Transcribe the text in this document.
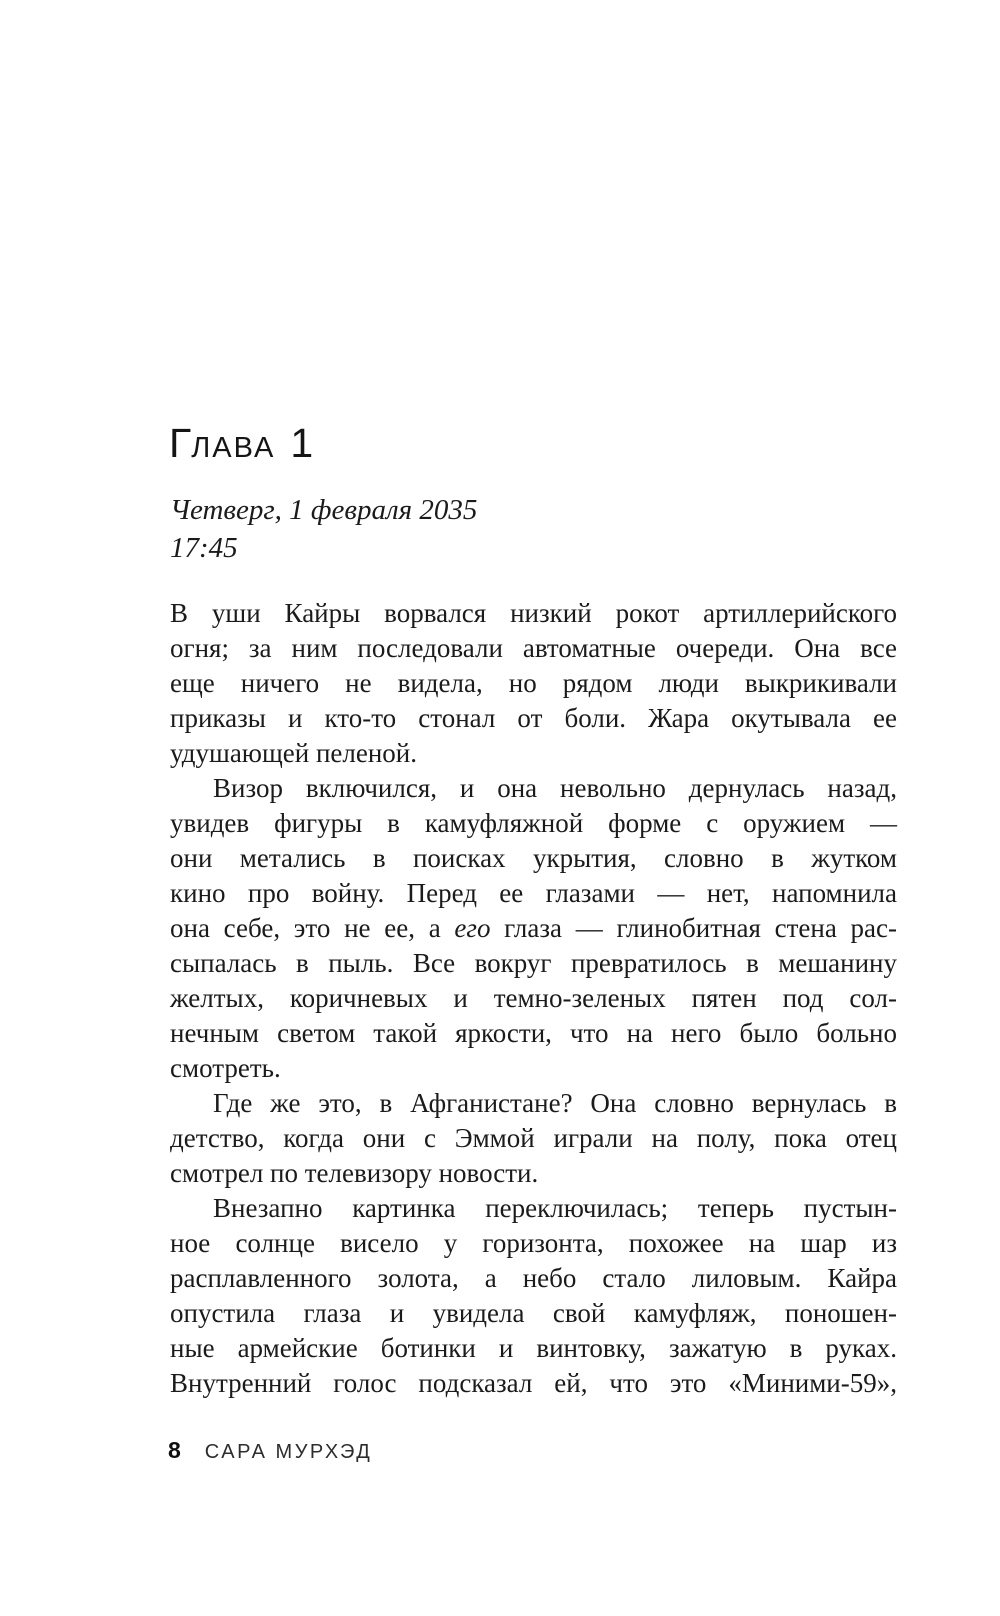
ГЛАВА 1
Четверг, 1 февраля 2035
17:45
В уши Кайры ворвался низкий рокот артиллерийского
огня; за ним последовали автоматные очереди. Она все
еще ничего не видела, но рядом люди выкрикивали
приказы и кто-то стонал от боли. Жара окутывала ее
удушающей пеленой.
Визор включился, и она невольно дернулась назад,
увидев фигуры в камуфляжной форме с оружием —
они метались в поисках укрытия, словно в жутком
кино про войну. Перед ее глазами — нет, напомнила
она себе, это не ее, а его глаза — глинобитная стена рас-
сыпалась в пыль. Все вокруг превратилось в мешанину
желтых, коричневых и темно-зеленых пятен под сол-
нечным светом такой яркости, что на него было больно
смотреть.
Где же это, в Афганистане? Она словно вернулась в
детство, когда они с Эммой играли на полу, пока отец
смотрел по телевизору новости.
Внезапно картинка переключилась; теперь пустын-
ное солнце висело у горизонта, похожее на шар из
расплавленного золота, а небо стало лиловым. Кайра
опустила глаза и увидела свой камуфляж, поношен-
ные армейские ботинки и винтовку, зажатую в руках.
Внутренний голос подсказал ей, что это «Миними-59»,
8 САРА МУРХЭД
